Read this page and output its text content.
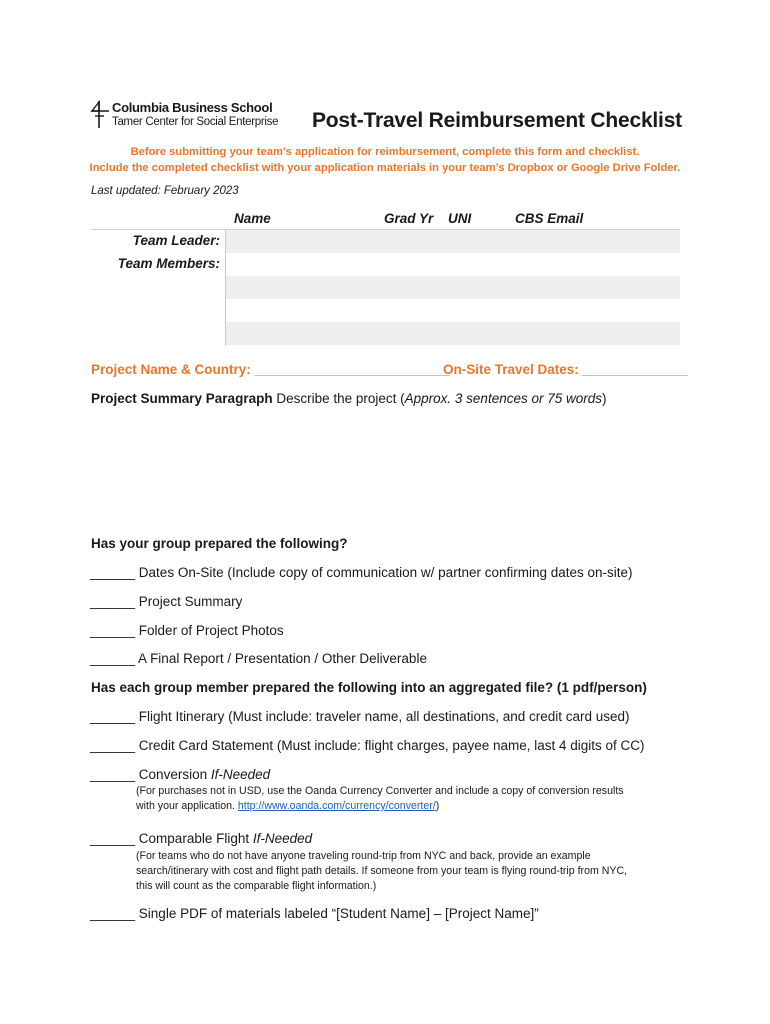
Columbia Business School
Tamer Center for Social Enterprise Post-Travel Reimbursement Checklist
Before submitting your team’s application for reimbursement, complete this form and checklist.
Include the completed checklist with your application materials in your team’s Dropbox or Google Drive Folder.
Last updated: February 2023
Name	Grad Yr UNI	CBS Email
Team Leader:
Team Members:
Project Name & Country: __________________________
On-Site Travel Dates: ______________
Project Summary Paragraph Describe the project (Approx. 3 sentences or 75 words)
Has your group prepared the following?
______ Dates On-Site (Include copy of communication w/ partner confirming dates on-site)
______ Project Summary
______ Folder of Project Photos
______ A Final Report / Presentation / Other Deliverable
Has each group member prepared the following into an aggregated file? (1 pdf/person)
______ Flight Itinerary (Must include: traveler name, all destinations, and credit card used)
______ Credit Card Statement (Must include: flight charges, payee name, last 4 digits of CC)
______ Conversion If-Needed
(For purchases not in USD, use the Oanda Currency Converter and include a copy of conversion results
with your application. http://www.oanda.com/currency/converter/)
______ Comparable Flight If-Needed
(For teams who do not have anyone traveling round-trip from NYC and back, provide an example
search/itinerary with cost and flight path details. If someone from your team is flying round-trip from NYC,
this will count as the comparable flight information.)
______ Single PDF of materials labeled “[Student Name] – [Project Name]”
